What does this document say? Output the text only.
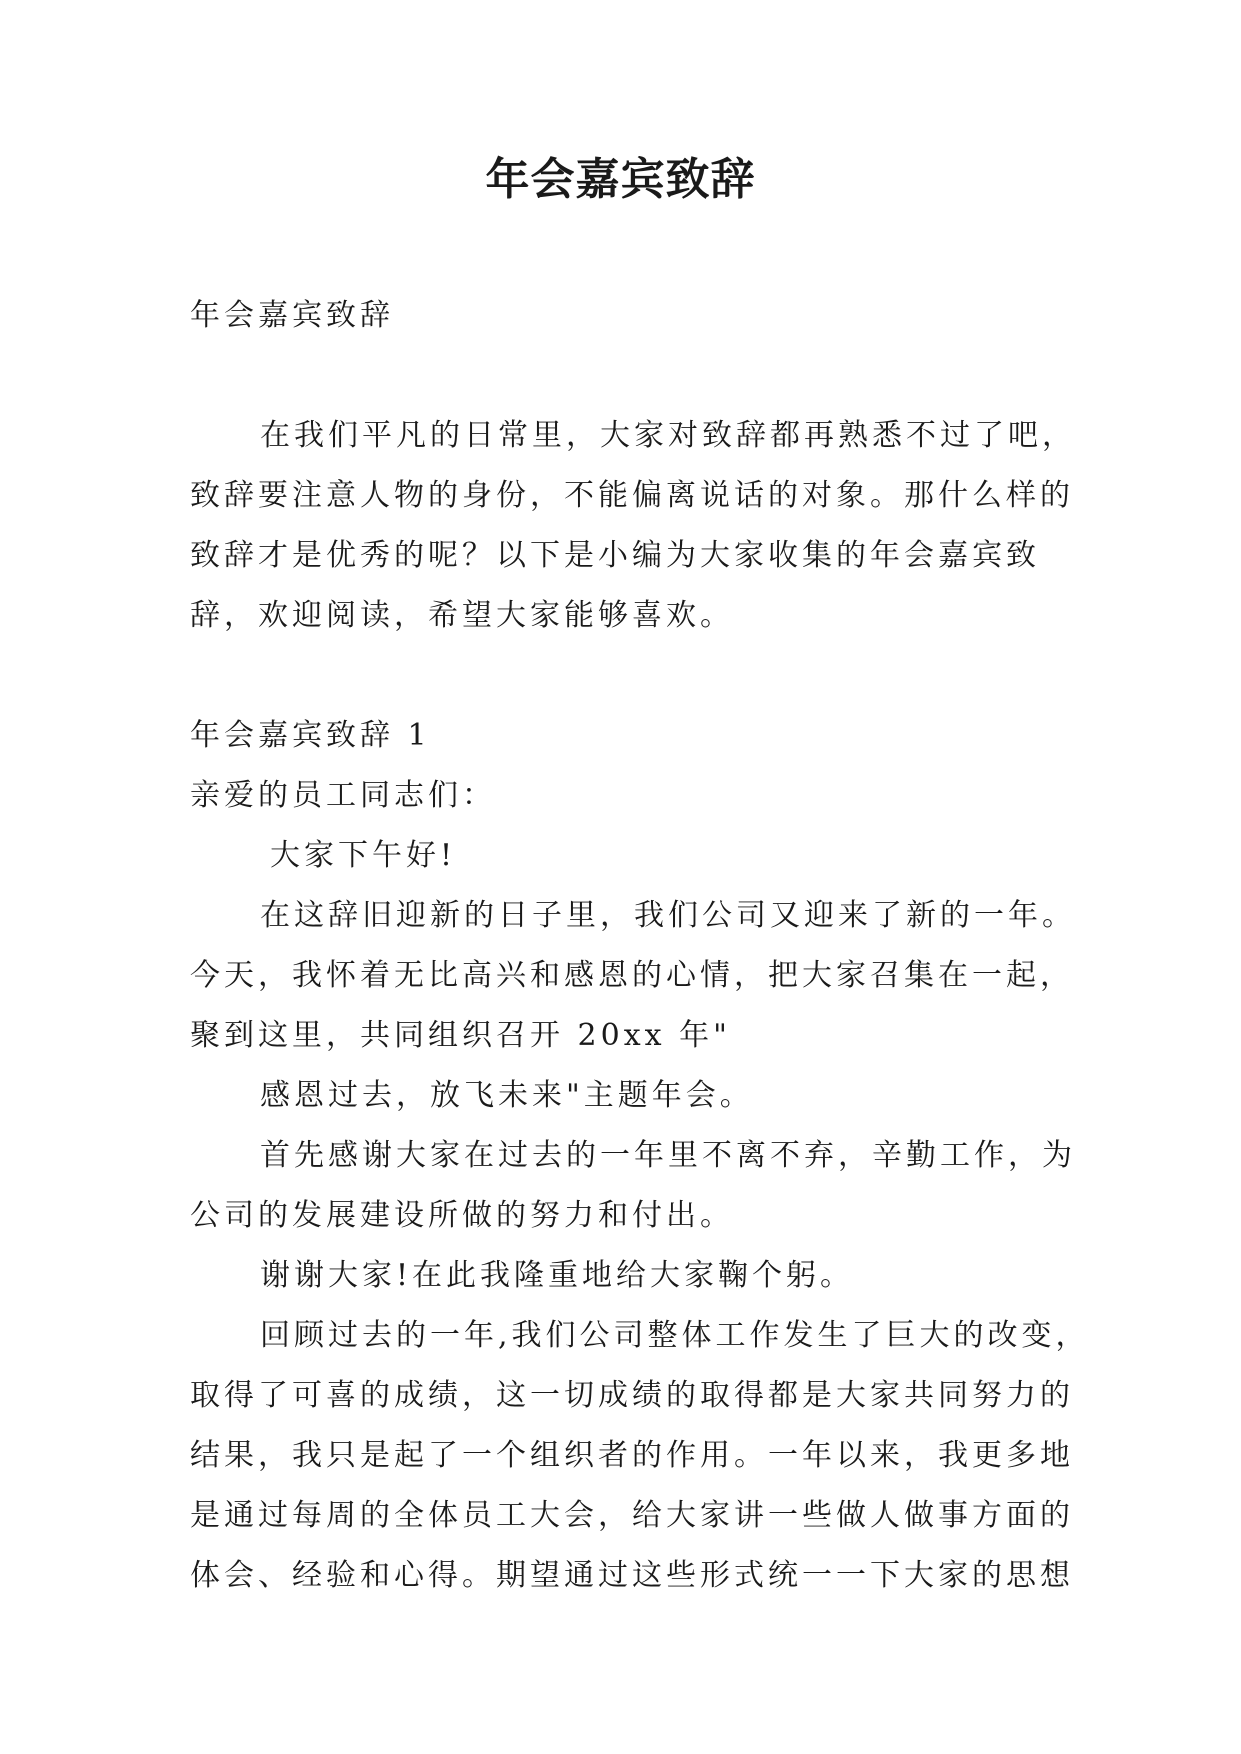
年会嘉宾致辞
年会嘉宾致辞
在我们平凡的日常里，大家对致辞都再熟悉不过了吧，
致辞要注意人物的身份，不能偏离说话的对象。那什么样的
致辞才是优秀的呢？以下是小编为大家收集的年会嘉宾致
辞，欢迎阅读，希望大家能够喜欢。
年会嘉宾致辞 1
亲爱的员工同志们：
大家下午好!
在这辞旧迎新的日子里，我们公司又迎来了新的一年。
今天，我怀着无比高兴和感恩的心情，把大家召集在一起，
聚到这里，共同组织召开 20xx 年"
感恩过去，放飞未来"主题年会。
首先感谢大家在过去的一年里不离不弃，辛勤工作，为
公司的发展建设所做的努力和付出。
谢谢大家!在此我隆重地给大家鞠个躬。
回顾过去的一年,我们公司整体工作发生了巨大的改变，
取得了可喜的成绩，这一切成绩的取得都是大家共同努力的
结果，我只是起了一个组织者的作用。一年以来，我更多地
是通过每周的全体员工大会，给大家讲一些做人做事方面的
体会、经验和心得。期望通过这些形式统一一下大家的思想
